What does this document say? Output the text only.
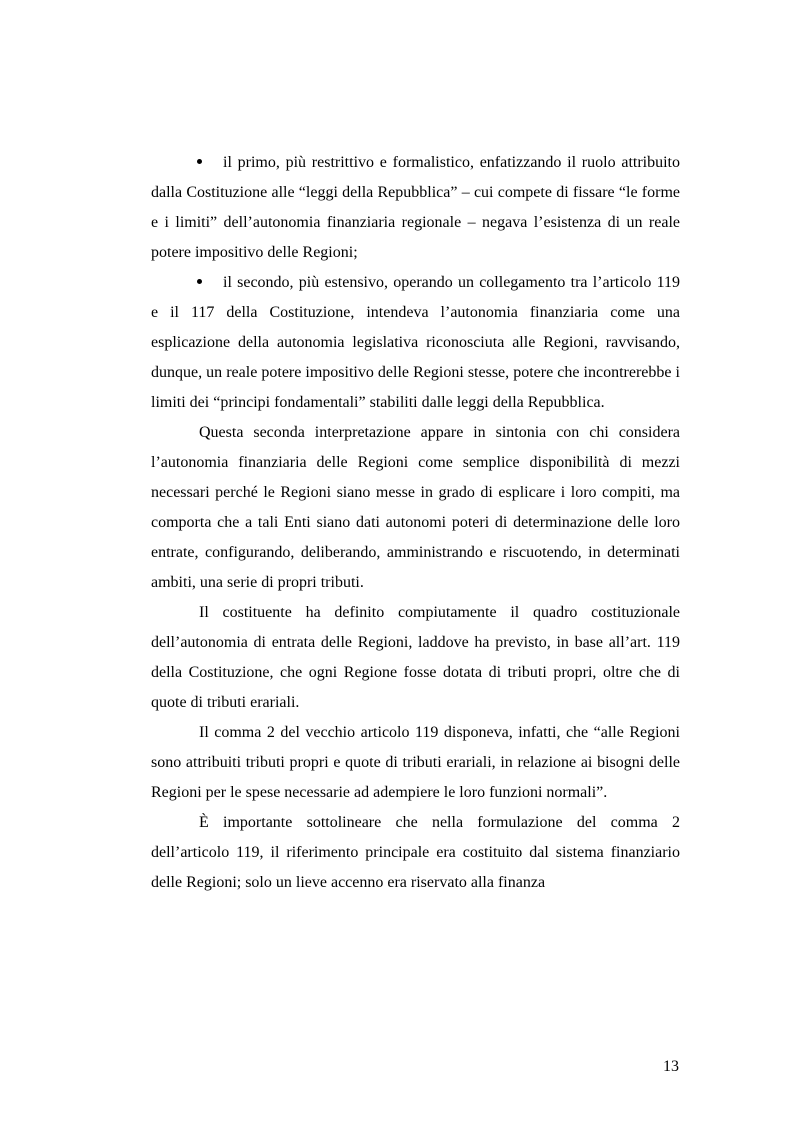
il primo, più restrittivo e formalistico, enfatizzando il ruolo attribuito dalla Costituzione alle “leggi della Repubblica” – cui compete di fissare “le forme e i limiti” dell’autonomia finanziaria regionale – negava l’esistenza di un reale potere impositivo delle Regioni;

il secondo, più estensivo, operando un collegamento tra l’articolo 119 e il 117 della Costituzione, intendeva l’autonomia finanziaria come una esplicazione della autonomia legislativa riconosciuta alle Regioni, ravvisando, dunque, un reale potere impositivo delle Regioni stesse, potere che incontrerebbe i limiti dei “principi fondamentali” stabiliti dalle leggi della Repubblica.

Questa seconda interpretazione appare in sintonia con chi considera l’autonomia finanziaria delle Regioni come semplice disponibilità di mezzi necessari perché le Regioni siano messe in grado di esplicare i loro compiti, ma comporta che a tali Enti siano dati autonomi poteri di determinazione delle loro entrate, configurando, deliberando, amministrando e riscuotendo, in determinati ambiti, una serie di propri tributi.

Il costituente ha definito compiutamente il quadro costituzionale dell’autonomia di entrata delle Regioni, laddove ha previsto, in base all’art. 119 della Costituzione, che ogni Regione fosse dotata di tributi propri, oltre che di quote di tributi erariali.

Il comma 2 del vecchio articolo 119 disponeva, infatti, che “alle Regioni sono attribuiti tributi propri e quote di tributi erariali, in relazione ai bisogni delle Regioni per le spese necessarie ad adempiere le loro funzioni normali”.

È importante sottolineare che nella formulazione del comma 2 dell’articolo 119, il riferimento principale era costituito dal sistema finanziario delle Regioni; solo un lieve accenno era riservato alla finanza

13
